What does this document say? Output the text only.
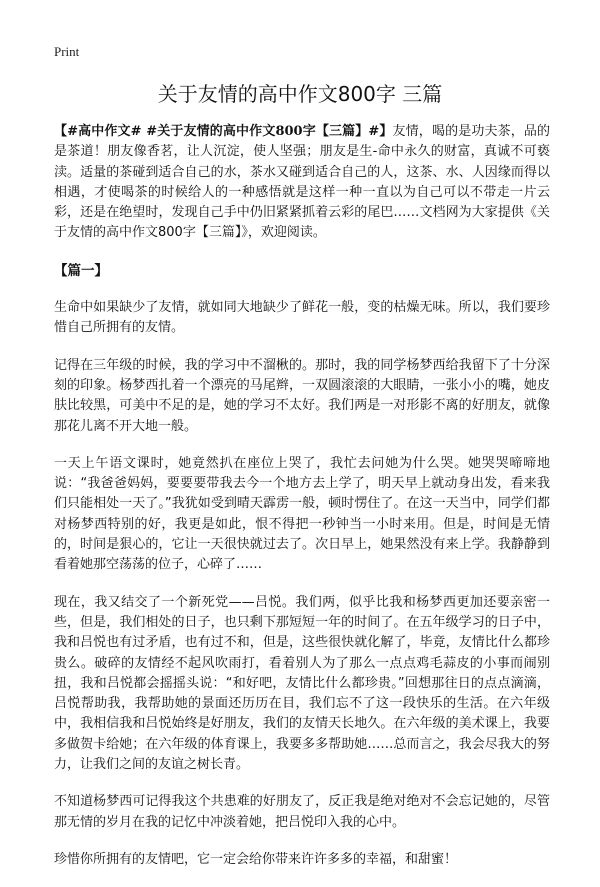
Print
关于友情的高中作文800字 三篇

【#高中作文# #关于友情的高中作文800字【三篇】#】友情，喝的是功夫茶，品的是茶道！朋友像香茗，让人沉淀，使人坚强；朋友是生-命中永久的财富，真诚不可亵渎。适量的茶碰到适合自己的水，茶水又碰到适合自己的人，这茶、水、人因缘而得以相遇，才使喝茶的时候给人的一种感悟就是这样一种一直以为自己可以不带走一片云彩，还是在绝望时，发现自己手中仍旧紧紧抓着云彩的尾巴……文档网为大家提供《关于友情的高中作文800字【三篇】》，欢迎阅读。

【篇一】

生命中如果缺少了友情，就如同大地缺少了鲜花一般，变的枯燥无味。所以，我们要珍惜自己所拥有的友情。

记得在三年级的时候，我的学习中不溜楸的。那时，我的同学杨梦西给我留下了十分深刻的印象。杨梦西扎着一个漂亮的马尾辫，一双圆滚滚的大眼睛，一张小小的嘴，她皮肤比较黑，可美中不足的是，她的学习不太好。我们两是一对形影不离的好朋友，就像那花儿离不开大地一般。

一天上午语文课时，她竟然扒在座位上哭了，我忙去问她为什么哭。她哭哭啼啼地说：“我爸爸妈妈，要要要带我去今一个地方去上学了，明天早上就动身出发，看来我们只能相处一天了。”我犹如受到晴天霹雳一般，顿时愣住了。在这一天当中，同学们都对杨梦西特别的好，我更是如此，恨不得把一秒钟当一小时来用。但是，时间是无情的，时间是狠心的，它让一天很快就过去了。次日早上，她果然没有来上学。我静静到看着她那空荡荡的位子，心碎了……

现在，我又结交了一个新死党——吕悦。我们两，似乎比我和杨梦西更加还要亲密一些，但是，我们相处的日子，也只剩下那短短一年的时间了。在五年级学习的日子中，我和吕悦也有过矛盾，也有过不和，但是，这些很快就化解了，毕竟，友情比什么都珍贵么。破碎的友情经不起风吹雨打，看着别人为了那么一点点鸡毛蒜皮的小事而闹别扭，我和吕悦都会摇摇头说：“和好吧，友情比什么都珍贵。”回想那往日的点点滴滴，吕悦帮助我，我帮助她的景面还历历在目，我们忘不了这一段快乐的生活。在六年级中，我相信我和吕悦始终是好朋友，我们的友情天长地久。在六年级的美术课上，我要多做贺卡给她；在六年级的体育课上，我要多多帮助她……总而言之，我会尽我大的努力，让我们之间的友谊之树长青。

不知道杨梦西可记得我这个共患难的好朋友了，反正我是绝对绝对不会忘记她的，尽管那无情的岁月在我的记忆中冲淡着她，把吕悦印入我的心中。

珍惜你所拥有的友情吧，它一定会给你带来许许多多的幸福，和甜蜜！
